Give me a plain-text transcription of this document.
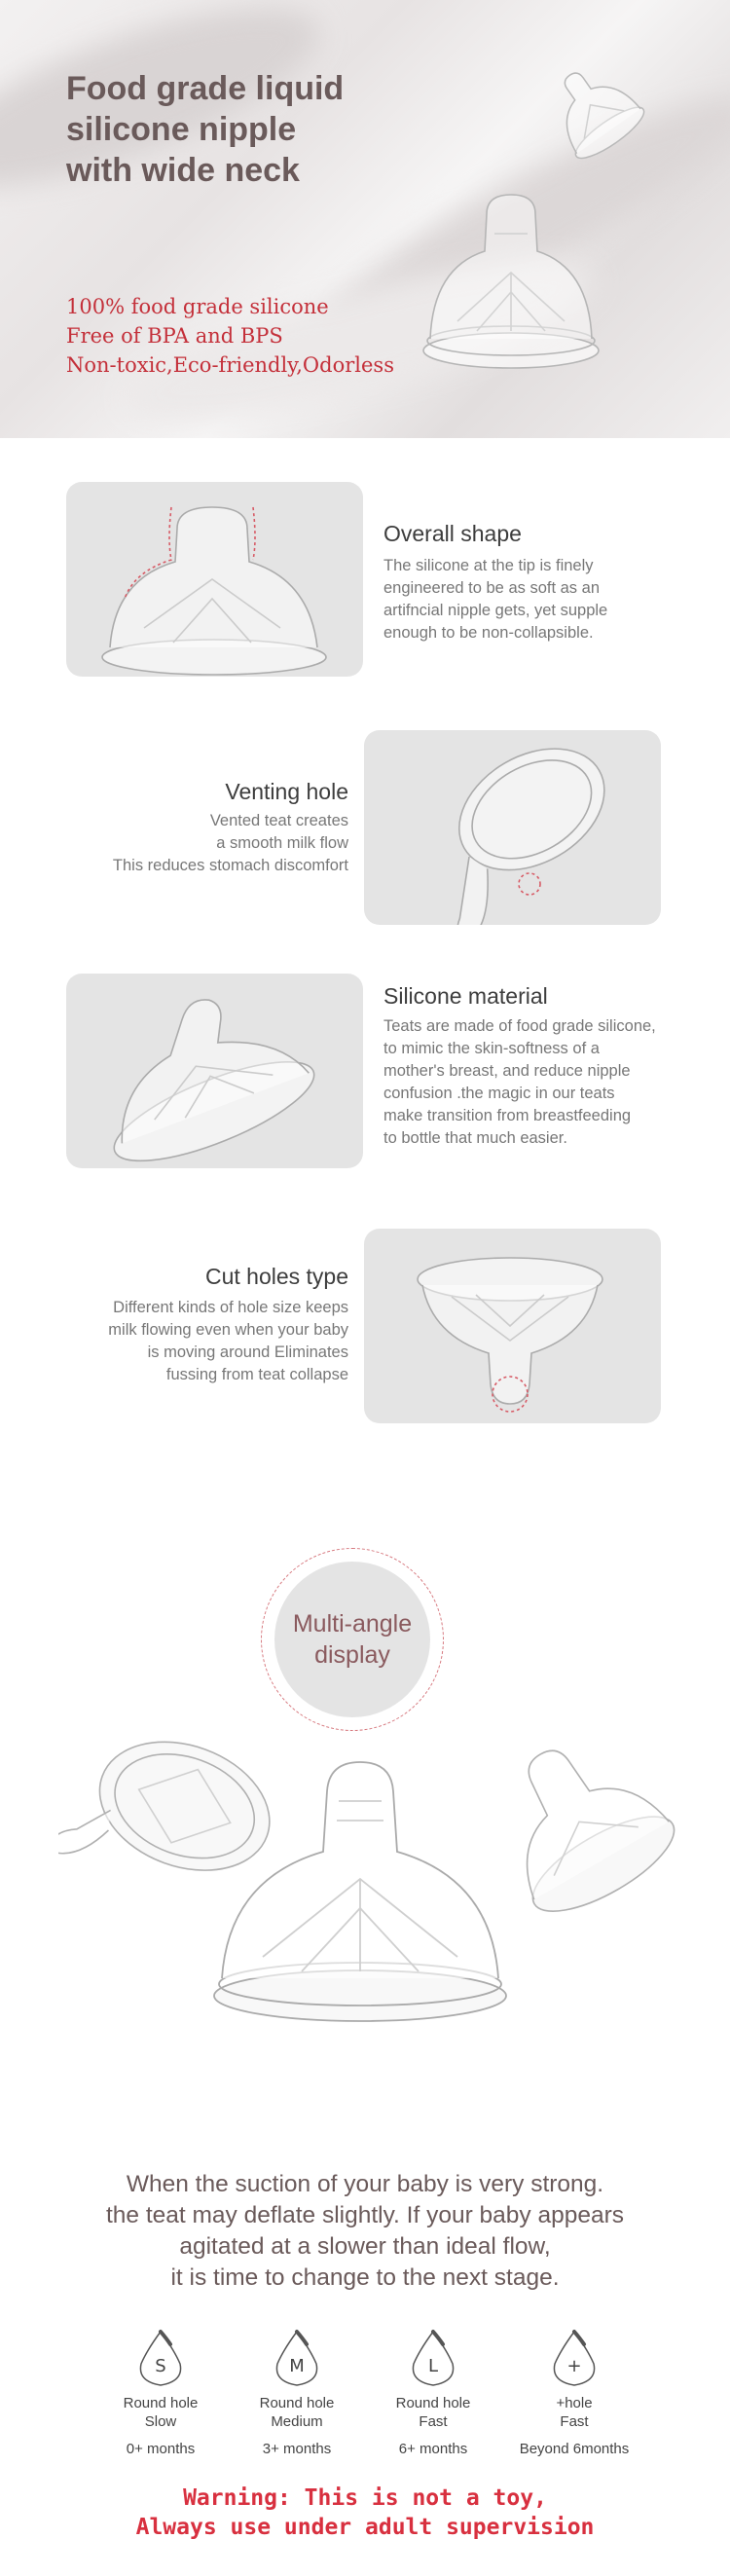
Food grade liquid
silicone nipple
with wide neck
100% food grade silicone
Free of BPA and BPS
Non-toxic,Eco-friendly,Odorless
Overall shape
The silicone at the tip is finely
engineered to be as soft as an
artifncial nipple gets, yet supple
enough to be non-collapsible.
Venting hole
Vented teat creates
a smooth milk flow
This reduces stomach discomfort
Silicone material
Teats are made of food grade silicone,
to mimic the skin-softness of a
mother's breast, and reduce nipple
confusion .the magic in our teats
make transition from breastfeeding
to bottle that much easier.
Cut holes type
Different kinds of hole size keeps
milk flowing even when your baby
is moving around Eliminates
fussing from teat collapse
Multi-angle
display
When the suction of your baby is very strong.
the teat may deflate slightly. If your baby appears
agitated at a slower than ideal flow,
it is time to change to the next stage.
S
Round hole
Slow
0+ months
M
Round hole
Medium
3+ months
L
Round hole
Fast
6+ months
+
+hole
Fast
Beyond 6months
Warning: This is not a toy,
Always use under adult supervision
